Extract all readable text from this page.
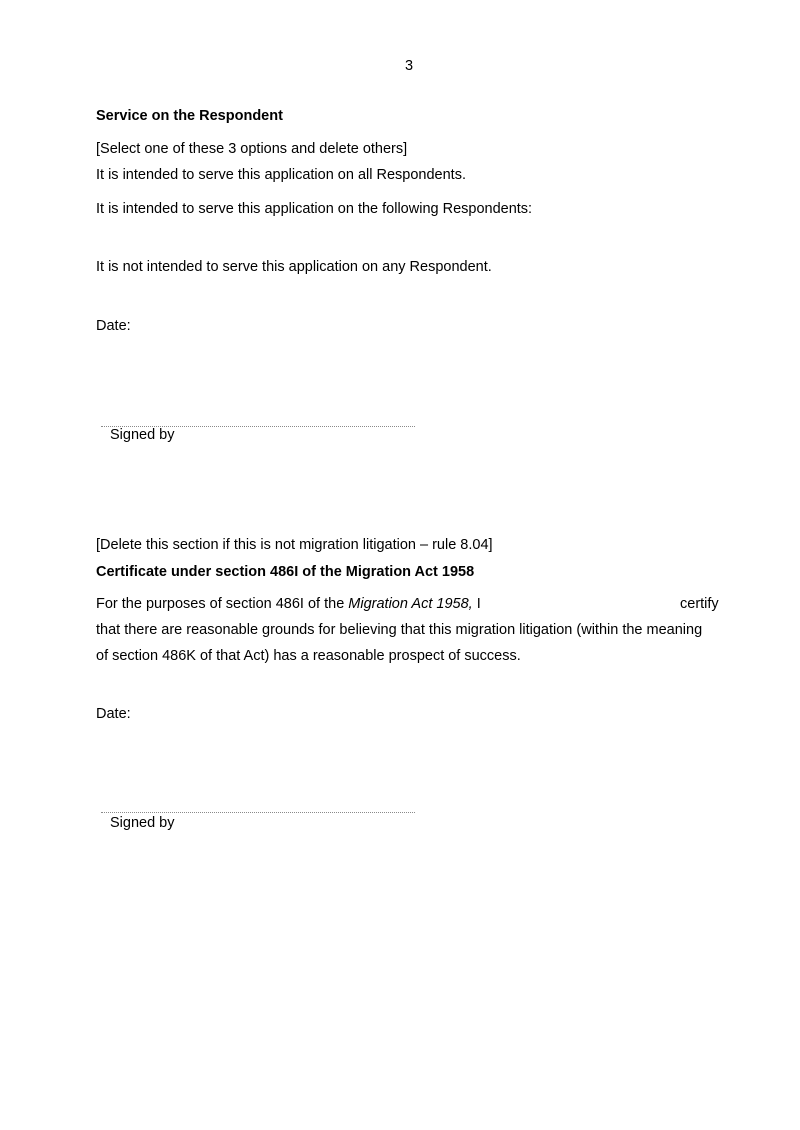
3
Service on the Respondent
[Select one of these 3 options and delete others]
It is intended to serve this application on all Respondents.
It is intended to serve this application on the following Respondents:
It is not intended to serve this application on any Respondent.
Date:
Signed by
[Delete this section if this is not migration litigation – rule 8.04]
Certificate under section 486I of the Migration Act 1958
For the purposes of section 486I of the Migration Act 1958, I	certify
that there are reasonable grounds for believing that this migration litigation (within the meaning
of section 486K of that Act) has a reasonable prospect of success.
Date:
Signed by
